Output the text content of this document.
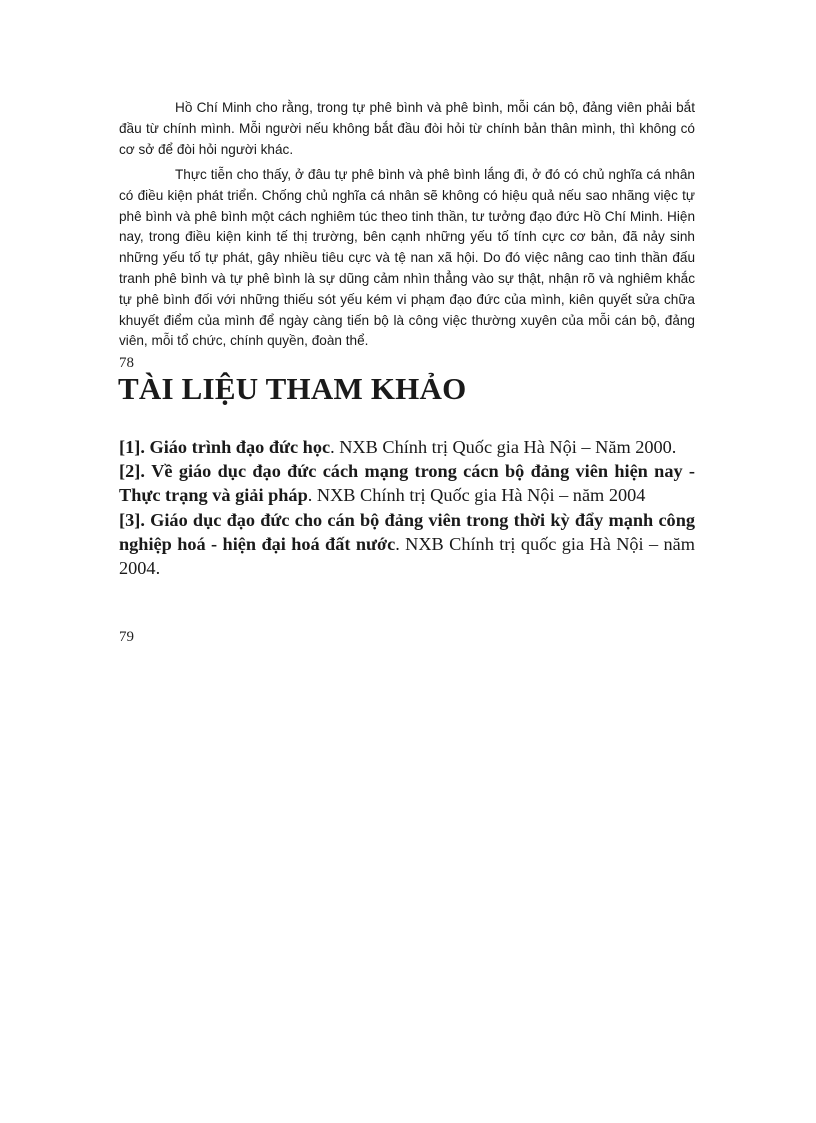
Hồ Chí Minh cho rằng, trong tự phê bình và phê bình, mỗi cán bộ, đảng viên phải bắt đầu từ chính mình. Mỗi người nếu không bắt đầu đòi hỏi từ chính bản thân mình, thì không có cơ sở để đòi hỏi người khác.

Thực tiễn cho thấy, ở đâu tự phê bình và phê bình lắng đi, ở đó có chủ nghĩa cá nhân có điều kiện phát triển. Chống chủ nghĩa cá nhân sẽ không có hiệu quả nếu sao nhãng việc tự phê bình và phê bình một cách nghiêm túc theo tinh thần, tư tưởng đạo đức Hồ Chí Minh. Hiện nay, trong điều kiện kinh tế thị trường, bên cạnh những yếu tố tính cực cơ bản, đã nảy sinh những yếu tố tự phát, gây nhiều tiêu cực và tệ nan xã hội. Do đó việc nâng cao tinh thần đấu tranh phê bình và tự phê bình là sự dũng cảm nhìn thẳng vào sự thật, nhận rõ và nghiêm khắc tự phê bình đối với những thiếu sót yếu kém vi phạm đạo đức của mình, kiên quyết sửa chữa khuyết điểm của mình để ngày càng tiến bộ là công việc thường xuyên của mỗi cán bộ, đảng viên, mỗi tổ chức, chính quyền, đoàn thể.

78
TÀI LIỆU THAM KHẢO

[1]. Giáo trình đạo đức học. NXB Chính trị Quốc gia Hà Nội – Năm 2000.

[2]. Về giáo dục đạo đức cách mạng trong cácn bộ đảng viên hiện nay - Thực trạng và giải pháp. NXB Chính trị Quốc gia Hà Nội – năm 2004

[3]. Giáo dục đạo đức cho cán bộ đảng viên trong thời kỳ đẩy mạnh công nghiệp hoá - hiện đại hoá đất nước. NXB Chính trị quốc gia Hà Nội – năm 2004.

79
